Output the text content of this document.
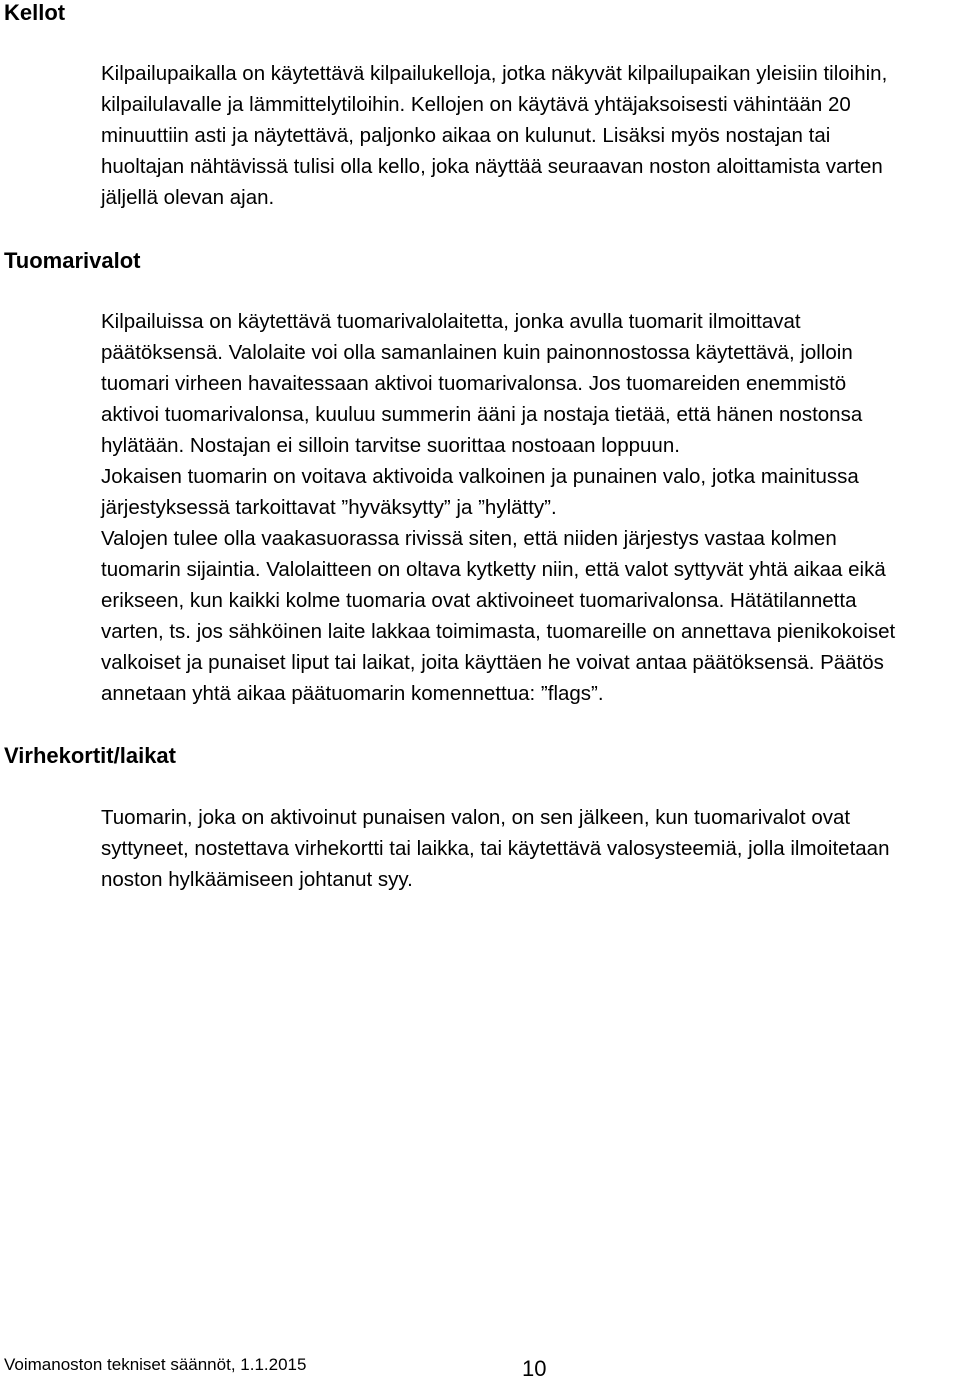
Kellot
Kilpailupaikalla on käytettävä kilpailukelloja, jotka näkyvät kilpailupaikan yleisiin tiloihin,
kilpailulavalle ja lämmittelytiloihin. Kellojen on käytävä yhtäjaksoisesti vähintään 20
minuuttiin asti ja näytettävä, paljonko aikaa on kulunut. Lisäksi myös nostajan tai
huoltajan nähtävissä tulisi olla kello, joka näyttää seuraavan noston aloittamista varten
jäljellä olevan ajan.
Tuomarivalot
Kilpailuissa on käytettävä tuomarivalolaitetta, jonka avulla tuomarit ilmoittavat
päätöksensä. Valolaite voi olla samanlainen kuin painonnostossa käytettävä, jolloin
tuomari virheen havaitessaan aktivoi tuomarivalonsa. Jos tuomareiden enemmistö
aktivoi tuomarivalonsa, kuuluu summerin ääni ja nostaja tietää, että hänen nostonsa
hylätään. Nostajan ei silloin tarvitse suorittaa nostoaan loppuun.
Jokaisen tuomarin on voitava aktivoida valkoinen ja punainen valo, jotka mainitussa
järjestyksessä tarkoittavat ”hyväksytty” ja ”hylätty”.
Valojen tulee olla vaakasuorassa rivissä siten, että niiden järjestys vastaa kolmen
tuomarin sijaintia. Valolaitteen on oltava kytketty niin, että valot syttyvät yhtä aikaa eikä
erikseen, kun kaikki kolme tuomaria ovat aktivoineet tuomarivalonsa. Hätätilannetta
varten, ts. jos sähköinen laite lakkaa toimimasta, tuomareille on annettava pienikokoiset
valkoiset ja punaiset liput tai laikat, joita käyttäen he voivat antaa päätöksensä. Päätös
annetaan yhtä aikaa päätuomarin komennettua: ”flags”.
Virhekortit/laikat
Tuomarin, joka on aktivoinut punaisen valon, on sen jälkeen, kun tuomarivalot ovat
syttyneet, nostettava virhekortti tai laikka, tai käytettävä valosysteemiä, jolla ilmoitetaan
noston hylkäämiseen johtanut syy.
Voimanoston tekniset säännöt, 1.1.2015	10
